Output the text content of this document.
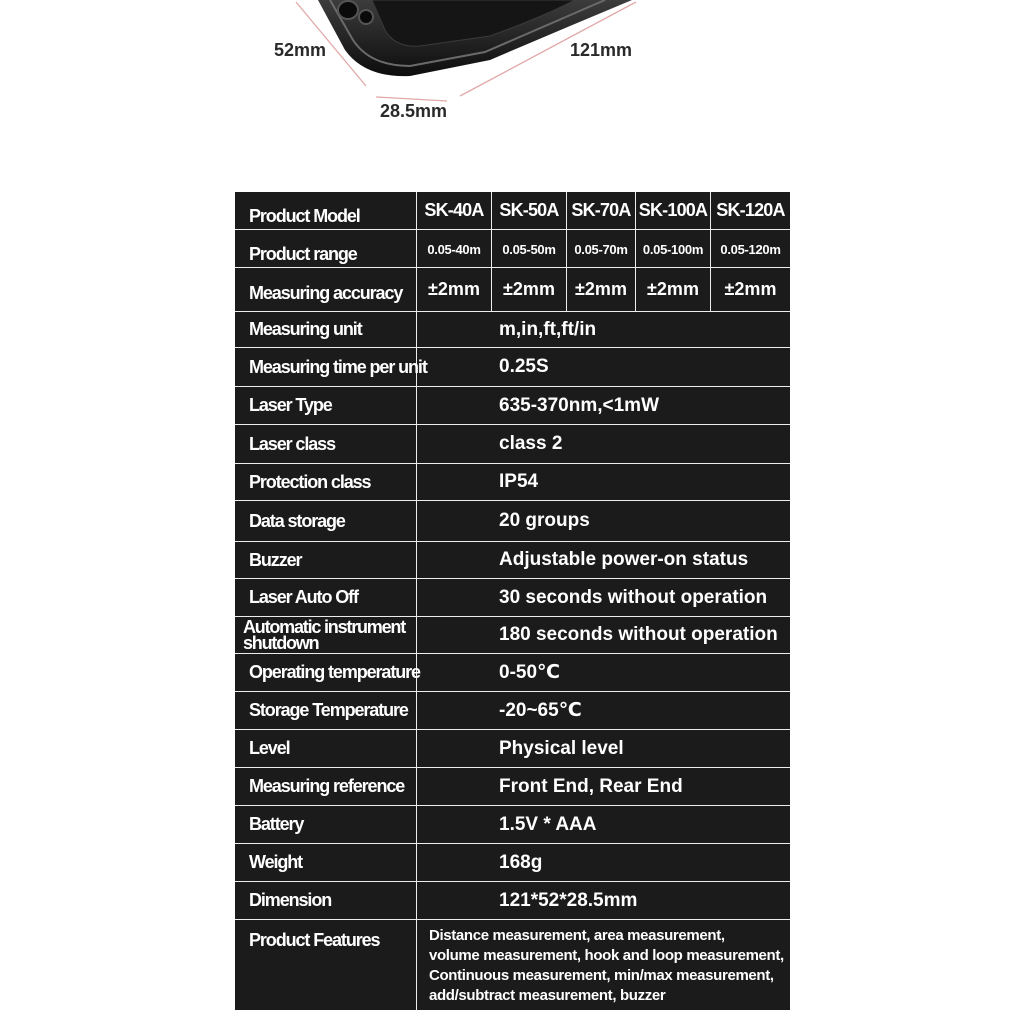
52mm	121mm
28.5mm
Product Model	SK-40A SK-50A SK-70A SK-100A SK-120A
Product range	0.05-40m	0.05-50m	0.05-70m	0.05-100m	0.05-120m
Measuring accuracy	±2mm	±2mm	±2mm	±2mm	±2mm
Measuring unit	m,in,ft,ft/in
Measuring time per unit	0.25S
Laser Type	635-370nm,<1mW
Laser class	class 2
Protection class	IP54
Data storage	20 groups
Buzzer	Adjustable power-on status
Laser Auto Off	30 seconds without operation
Automatic instrument shutdown	180 seconds without operation
Operating temperature	0-50℃
Storage Temperature	-20~65℃
Level	Physical level
Measuring reference	Front End, Rear End
Battery	1.5V * AAA
Weight	168g
Dimension	121*52*28.5mm
Product Features	Distance measurement, area measurement,
volume measurement, hook and loop measurement,
Continuous measurement, min/max measurement,
add/subtract measurement, buzzer
